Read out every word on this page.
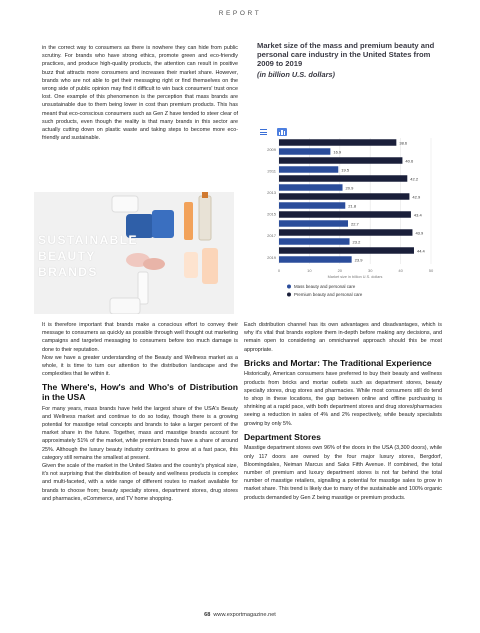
REPORT

in the correct way to consumers as there is nowhere they can hide from public scrutiny. For brands who have strong ethics, promote green and eco-friendly practices, and produce high-quality products, the attention can result in positive buzz that attracts more consumers and increases their market share. However, brands who are not able to get their messaging right or find themselves on the wrong side of public opinion may find it difficult to win back consumers' trust once lost. One example of this phenomenon is the perception that mass brands are unsustainable due to them being lower in cost than premium products. This has meant that eco-conscious consumers such as Gen Z have tended to steer clear of such products, even though the reality is that many brands in this sector are actually cutting down on plastic waste and taking steps to become more eco-friendly and sustainable.

Market size of the mass and premium beauty and personal care industry in the United States from 2009 to 2019
(in billion U.S. dollars)
0	10	20	30	40	50
38.6
16.9
40.6
19.5
42.2
20.9
42.9
21.8
43.4
22.7
43.9
23.2
44.4
23.9
2009
2011
2013
2015
2017
2019
Market size in billion U.S. dollars
Mass beauty and personal care
Premium beauty and personal care
SUSTAINABLE
BEAUTY
BRANDS

It is therefore important that brands make a conscious effort to convey their message to consumers as quickly as possible through well thought out marketing campaigns and targeted messaging to consumers before too much damage is done to their reputation.

Now we have a greater understanding of the Beauty and Wellness market as a whole, it is time to turn our attention to the distribution landscape and the complexities that lie within it.

The Where's, How's and Who's of Distribution in the USA

For many years, mass brands have held the largest share of the USA's Beauty and Wellness market and continue to do so today, though there is a growing potential for masstige retail concepts and brands to take a larger percent of the market share in the future. Together, mass and masstige brands account for approximately 51% of the market, while premium brands have a share of around 25%. Although the luxury beauty industry continues to grow at a fast pace, this category still remains the smallest at present.

Given the scale of the market in the United States and the country's physical size, it's not surprising that the distribution of beauty and wellness products is complex and multi-faceted, with a wide range of different routes to market available for brands to choose from; beauty specialty stores, department stores, drug stores and pharmacies, eCommerce, and TV home shopping.

Each distribution channel has its own advantages and disadvantages, which is why it's vital that brands explore them in-depth before making any decisions, and remain open to considering an omnichannel approach should this be most appropriate.

Bricks and Mortar: The Traditional Experience

Historically, American consumers have preferred to buy their beauty and wellness products from bricks and mortar outlets such as department stores, beauty specialty stores, drug stores and pharmacies. While most consumers still do tend to shop in these locations, the gap between online and offline purchasing is shrinking at a rapid pace, with both department stores and drug stores/pharmacies seeing a reduction in sales of 4% and 2% respectively, while beauty specialists growing by only 5%.

Department Stores

Masstige department stores own 96% of the doors in the USA (3,300 doors), while only 117 doors are owned by the four major luxury stores, Bergdorf, Bloomingdales, Neiman Marcus and Saks Fifth Avenue. If combined, the total number of premium and luxury department stores is not far behind the total number of masstige retailers, signalling a potential for masstige sales to grow in market share. This trend is likely due to many of the sustainable and 100% organic products demanded by Gen Z being masstige or premium products.

68 www.exportmagazine.net
